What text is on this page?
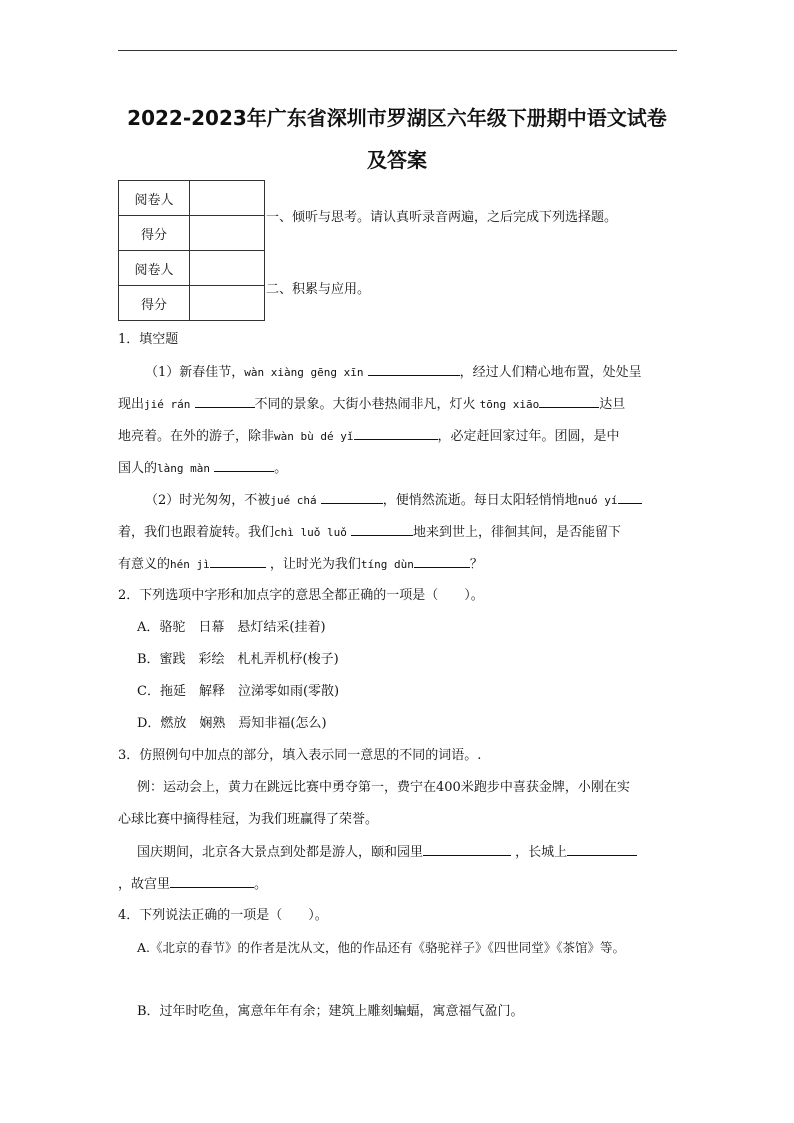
2022-2023年广东省深圳市罗湖区六年级下册期中语文试卷
及答案
阅卷人	
得分	
阅卷人	
得分	
一、倾听与思考。请认真听录音两遍，之后完成下列选择题。
二、积累与应用。
1．填空题
（1）新春佳节，wàn xiàng gēng xīn	，经过人们精心地布置，处处呈
现出jié rán	不同的景象。大街小巷热闹非凡，灯火 tōng xiāo	达旦
地亮着。在外的游子，除非wàn bù dé yǐ	，必定赶回家过年。团圆，是中
国人的làng màn	。
（2）时光匆匆，不被jué chá	，便悄然流逝。每日太阳轻悄悄地nuó yí
着，我们也跟着旋转。我们chì luǒ luǒ	地来到世上，徘徊其间，是否能留下
有意义的hén jì	，让时光为我们tíng dùn	？
2．下列选项中字形和加点字的意思全都正确的一项是（　　）。
A．骆驼　日幕　悬灯结采(挂着)
B．蜜践　彩绘　札札弄机杼(梭子)
C．拖延　解释　泣涕零如雨(零散)
D．燃放　娴熟　焉知非福(怎么)
3．仿照例句中加点的部分，填入表示同一意思的不同的词语。.
例：运动会上，黄力在跳远比赛中勇夺第一，费宁在400米跑步中喜获金牌，小刚在实
心球比赛中摘得桂冠，为我们班赢得了荣誉。
国庆期间，北京各大景点到处都是游人，颐和园里	，长城上
，故宫里	。
4．下列说法正确的一项是（　　）。
A.《北京的春节》的作者是沈从文，他的作品还有《骆驼祥子》《四世同堂》《茶馆》等。
B．过年时吃鱼，寓意年年有余；建筑上雕刻蝙蝠，寓意福气盈门。
